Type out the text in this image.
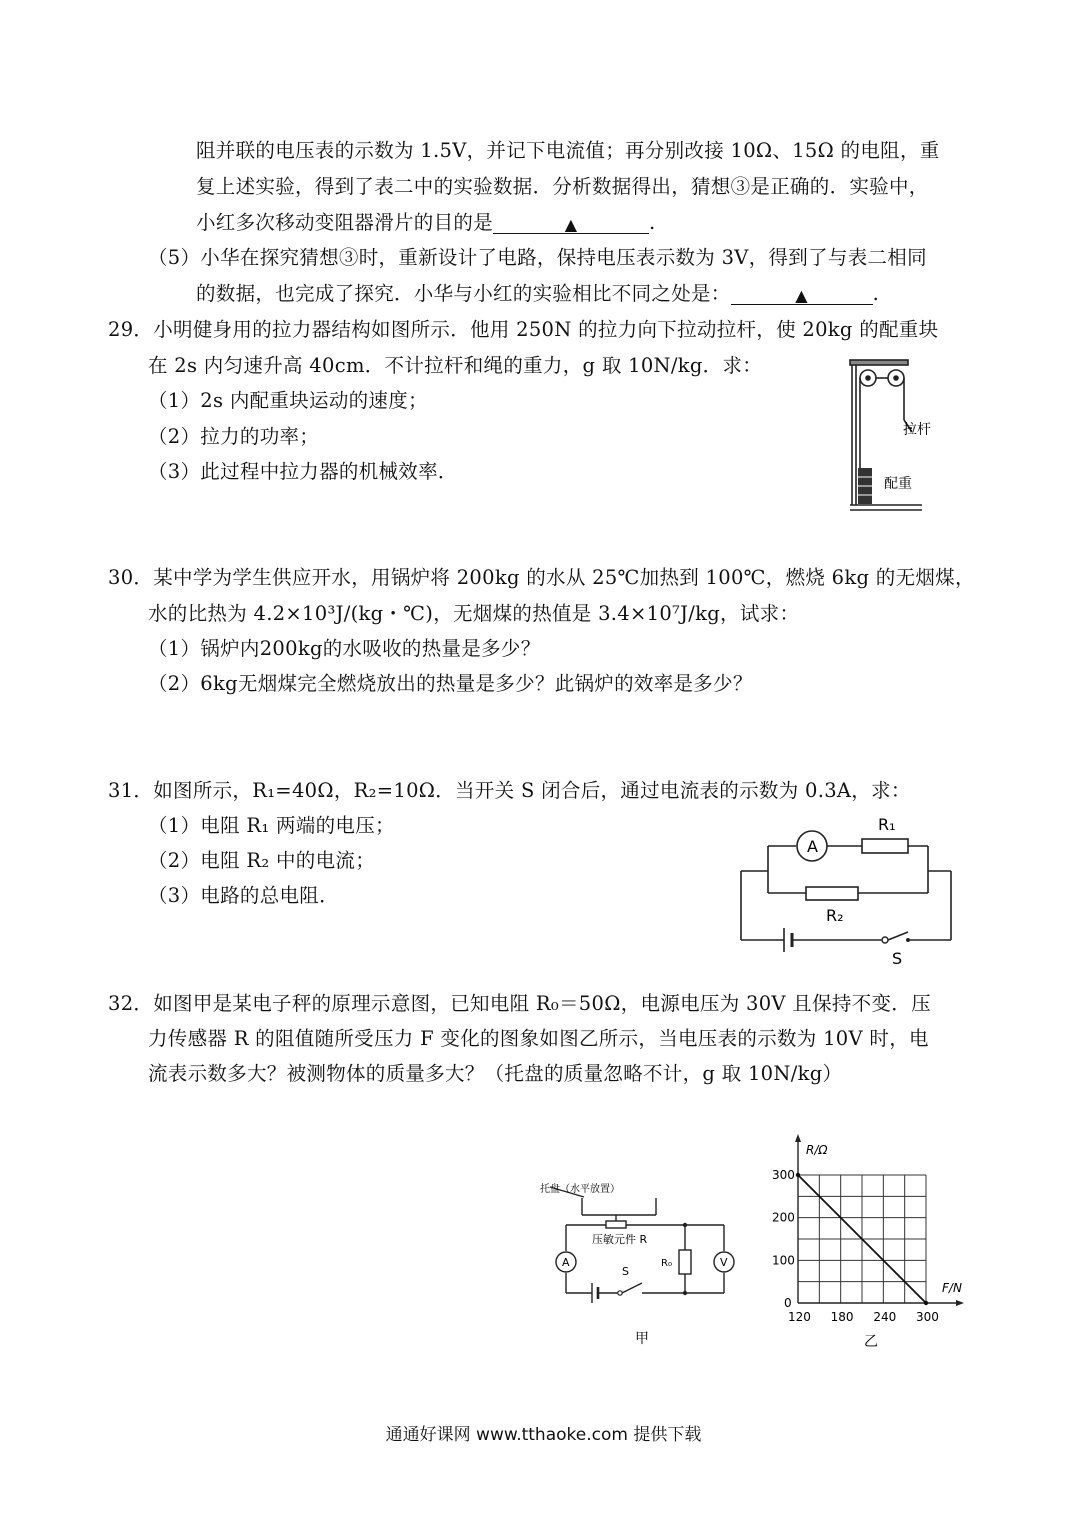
阻并联的电压表的示数为 1.5V，并记下电流值；再分别改接 10Ω、15Ω 的电阻，重
复上述实验，得到了表二中的实验数据．分析数据得出，猜想③是正确的．实验中，
小红多次移动变阻器滑片的目的是	▲	.
（5）小华在探究猜想③时，重新设计了电路，保持电压表示数为 3V，得到了与表二相同
的数据，也完成了探究．小华与小红的实验相比不同之处是：	▲	.
29．小明健身用的拉力器结构如图所示．他用 250N 的拉力向下拉动拉杆，使 20kg 的配重块
在 2s 内匀速升高 40cm．不计拉杆和绳的重力，g 取 10N/kg．求：
（1）2s 内配重块运动的速度；
（2）拉力的功率；
（3）此过程中拉力器的机械效率．
拉杆
配重
30．某中学为学生供应开水，用锅炉将 200kg 的水从 25℃加热到 100℃，燃烧 6kg 的无烟煤，
水的比热为 4.2×10³J/(kg・℃)，无烟煤的热值是 3.4×10⁷J/kg，试求：
（1）锅炉内200kg的水吸收的热量是多少？
（2）6kg无烟煤完全燃烧放出的热量是多少？此锅炉的效率是多少？
31．如图所示，R₁=40Ω，R₂=10Ω．当开关 S 闭合后，通过电流表的示数为 0.3A，求：
（1）电阻 R₁ 两端的电压；
（2）电阻 R₂ 中的电流；
（3）电路的总电阻．
A
R₁
R₂
S
32．如图甲是某电子秤的原理示意图，已知电阻 R₀＝50Ω，电源电压为 30V 且保持不变．压
力传感器 R 的阻值随所受压力 F 变化的图象如图乙所示，当电压表的示数为 10V 时，电
流表示数多大？被测物体的质量多大？（托盘的质量忽略不计，g 取 10N/kg）
托盘（水平放置）
压敏元件 R
R₀
A	V
S
甲
120 180 240 300
0
100
200
300
R/Ω
F/N
乙
通通好课网 www.tthaoke.com 提供下载
